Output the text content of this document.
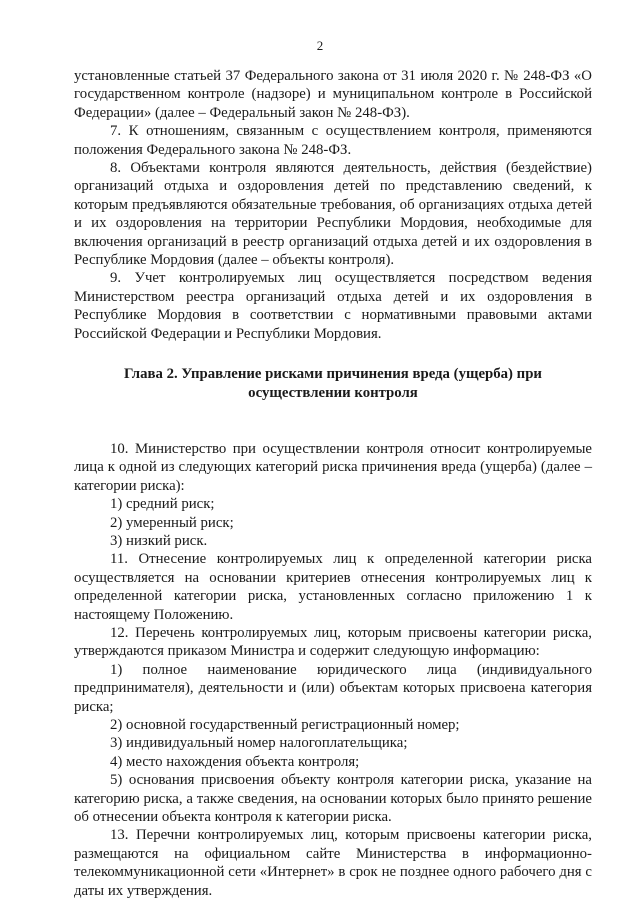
2

установленные статьей 37 Федерального закона от 31 июля 2020 г. № 248-ФЗ «О государственном контроле (надзоре) и муниципальном контроле в Российской Федерации» (далее – Федеральный закон № 248-ФЗ).

7. К отношениям, связанным с осуществлением контроля, применяются положения Федерального закона № 248-ФЗ.

8. Объектами контроля являются деятельность, действия (бездействие) организаций отдыха и оздоровления детей по представлению сведений, к которым предъявляются обязательные требования, об организациях отдыха детей и их оздоровления на территории Республики Мордовия, необходимые для включения организаций в реестр организаций отдыха детей и их оздоровления в Республике Мордовия (далее – объекты контроля).

9. Учет контролируемых лиц осуществляется посредством ведения Министерством реестра организаций отдыха детей и их оздоровления в Республике Мордовия в соответствии с нормативными правовыми актами Российской Федерации и Республики Мордовия.

Глава 2. Управление рисками причинения вреда (ущерба) при

осуществлении контроля

10. Министерство при осуществлении контроля относит контролируемые лица к одной из следующих категорий риска причинения вреда (ущерба) (далее – категории риска):

1) средний риск;

2) умеренный риск;

3) низкий риск.

11. Отнесение контролируемых лиц к определенной категории риска осуществляется на основании критериев отнесения контролируемых лиц к определенной категории риска, установленных согласно приложению 1 к настоящему Положению.

12. Перечень контролируемых лиц, которым присвоены категории риска, утверждаются приказом Министра и содержит следующую информацию:

1) полное наименование юридического лица (индивидуального предпринимателя), деятельности и (или) объектам которых присвоена категория риска;

2) основной государственный регистрационный номер;

3) индивидуальный номер налогоплательщика;

4) место нахождения объекта контроля;

5) основания присвоения объекту контроля категории риска, указание на категорию риска, а также сведения, на основании которых было принято решение об отнесении объекта контроля к категории риска.

13. Перечни контролируемых лиц, которым присвоены категории риска, размещаются на официальном сайте Министерства в информационно-телекоммуникационной сети «Интернет» в срок не позднее одного рабочего дня с даты их утверждения.
